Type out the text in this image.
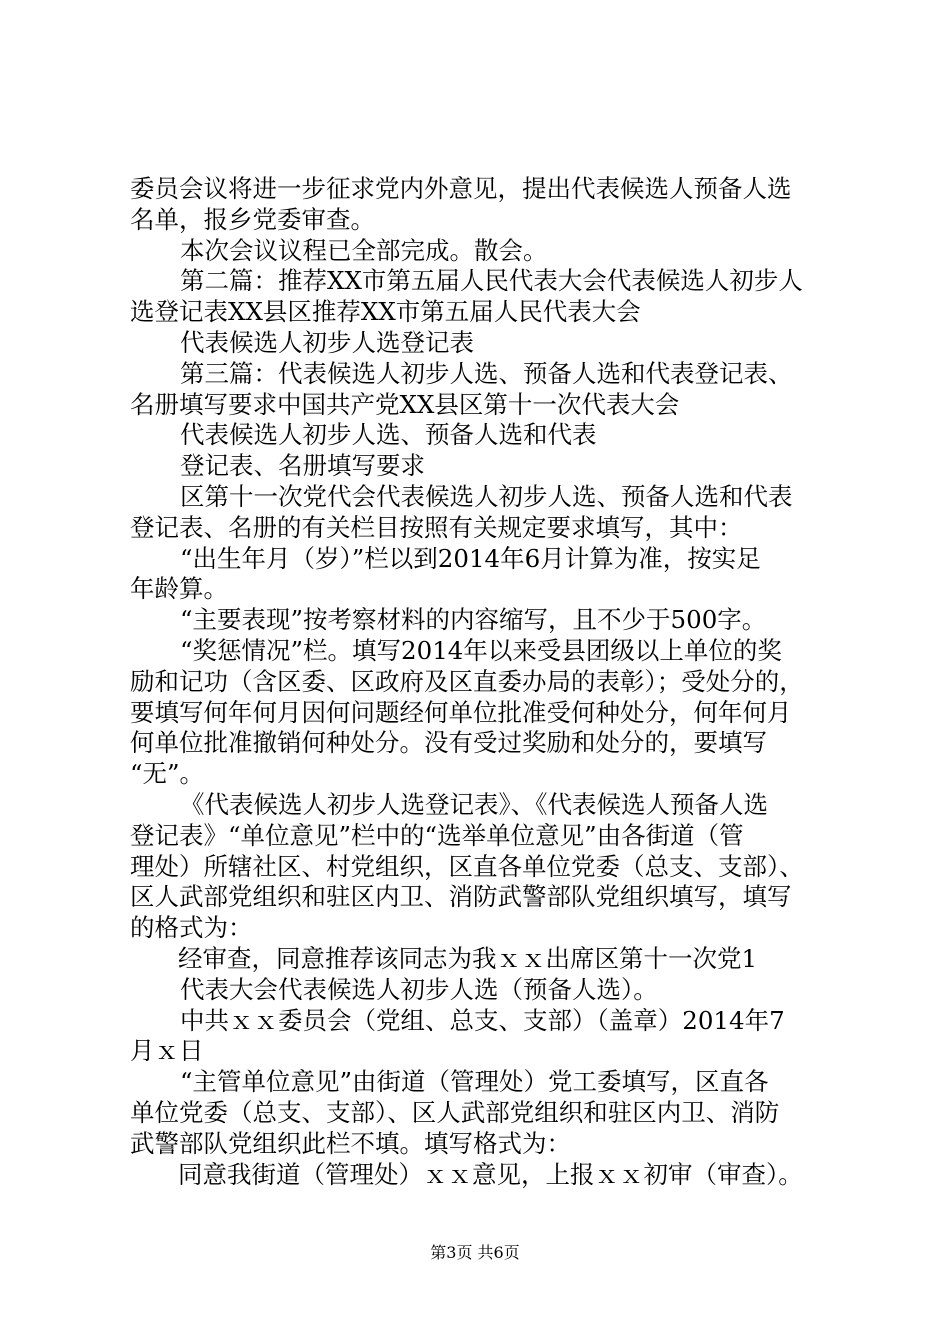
委员会议将进一步征求党内外意见，提出代表候选人预备人选
名单，报乡党委审查。
本次会议议程已全部完成。散会。
第二篇：推荐XX市第五届人民代表大会代表候选人初步人
选登记表XX县区推荐XX市第五届人民代表大会
代表候选人初步人选登记表
第三篇：代表候选人初步人选、预备人选和代表登记表、
名册填写要求中国共产党XX县区第十一次代表大会
代表候选人初步人选、预备人选和代表
登记表、名册填写要求
区第十一次党代会代表候选人初步人选、预备人选和代表
登记表、名册的有关栏目按照有关规定要求填写，其中：
“出生年月（岁）”栏以到2014年6月计算为准，按实足
年龄算。
“主要表现”按考察材料的内容缩写，且不少于500字。
“奖惩情况”栏。填写2014年以来受县团级以上单位的奖
励和记功（含区委、区政府及区直委办局的表彰）；受处分的，
要填写何年何月因何问题经何单位批准受何种处分，何年何月
何单位批准撤销何种处分。没有受过奖励和处分的，要填写
“无”。
《代表候选人初步人选登记表》、《代表候选人预备人选
登记表》“单位意见”栏中的“选举单位意见”由各街道（管
理处）所辖社区、村党组织，区直各单位党委（总支、支部）、
区人武部党组织和驻区内卫、消防武警部队党组织填写，填写
的格式为：
经审查，同意推荐该同志为我ｘｘ出席区第十一次党1
代表大会代表候选人初步人选（预备人选）。
中共ｘｘ委员会（党组、总支、支部）（盖章）2014年7
月ｘ日
“主管单位意见”由街道（管理处）党工委填写，区直各
单位党委（总支、支部）、区人武部党组织和驻区内卫、消防
武警部队党组织此栏不填。填写格式为：
同意我街道（管理处）ｘｘ意见，上报ｘｘ初审（审查）。
第3页 共6页
